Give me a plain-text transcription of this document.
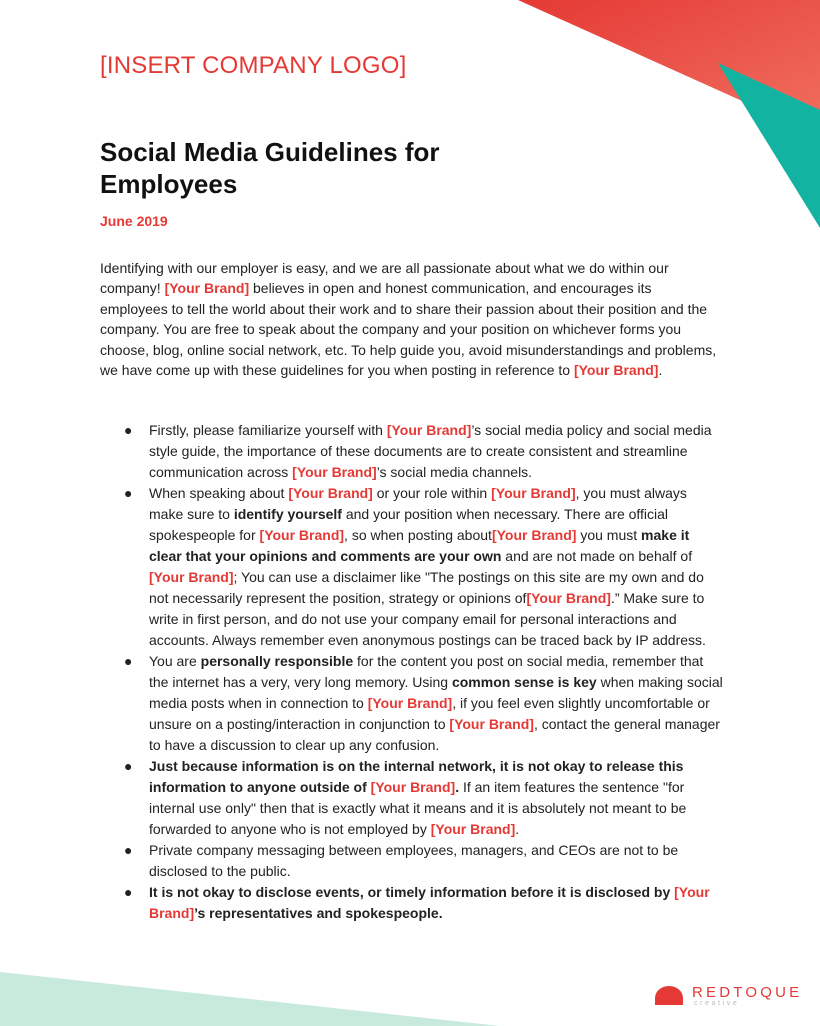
[INSERT COMPANY LOGO]
Social Media Guidelines for Employees
June 2019

Identifying with our employer is easy, and we are all passionate about what we do within our company! [Your Brand] believes in open and honest communication, and encourages its employees to tell the world about their work and to share their passion about their position and the company. You are free to speak about the company and your position on whichever forms you choose, blog, online social network, etc. To help guide you, avoid misunderstandings and problems, we have come up with these guidelines for you when posting in reference to [Your Brand].

● Firstly, please familiarize yourself with [Your Brand]’s social media policy and social media style guide, the importance of these documents are to create consistent and streamline communication across [Your Brand]’s social media channels.
● When speaking about [Your Brand] or your role within [Your Brand], you must always make sure to identify yourself and your position when necessary. There are official spokespeople for [Your Brand], so when posting about[Your Brand] you must make it clear that your opinions and comments are your own and are not made on behalf of [Your Brand]; You can use a disclaimer like "The postings on this site are my own and do not necessarily represent the position, strategy or opinions of[Your Brand].” Make sure to write in first person, and do not use your company email for personal interactions and accounts. Always remember even anonymous postings can be traced back by IP address.
● You are personally responsible for the content you post on social media, remember that the internet has a very, very long memory. Using common sense is key when making social media posts when in connection to [Your Brand], if you feel even slightly uncomfortable or unsure on a posting/interaction in conjunction to [Your Brand], contact the general manager to have a discussion to clear up any confusion.
● Just because information is on the internal network, it is not okay to release this information to anyone outside of [Your Brand]. If an item features the sentence "for internal use only" then that is exactly what it means and it is absolutely not meant to be forwarded to anyone who is not employed by [Your Brand].
● Private company messaging between employees, managers, and CEOs are not to be disclosed to the public.
● It is not okay to disclose events, or timely information before it is disclosed by [Your Brand]’s representatives and spokespeople.
REDTOQUE
creative
